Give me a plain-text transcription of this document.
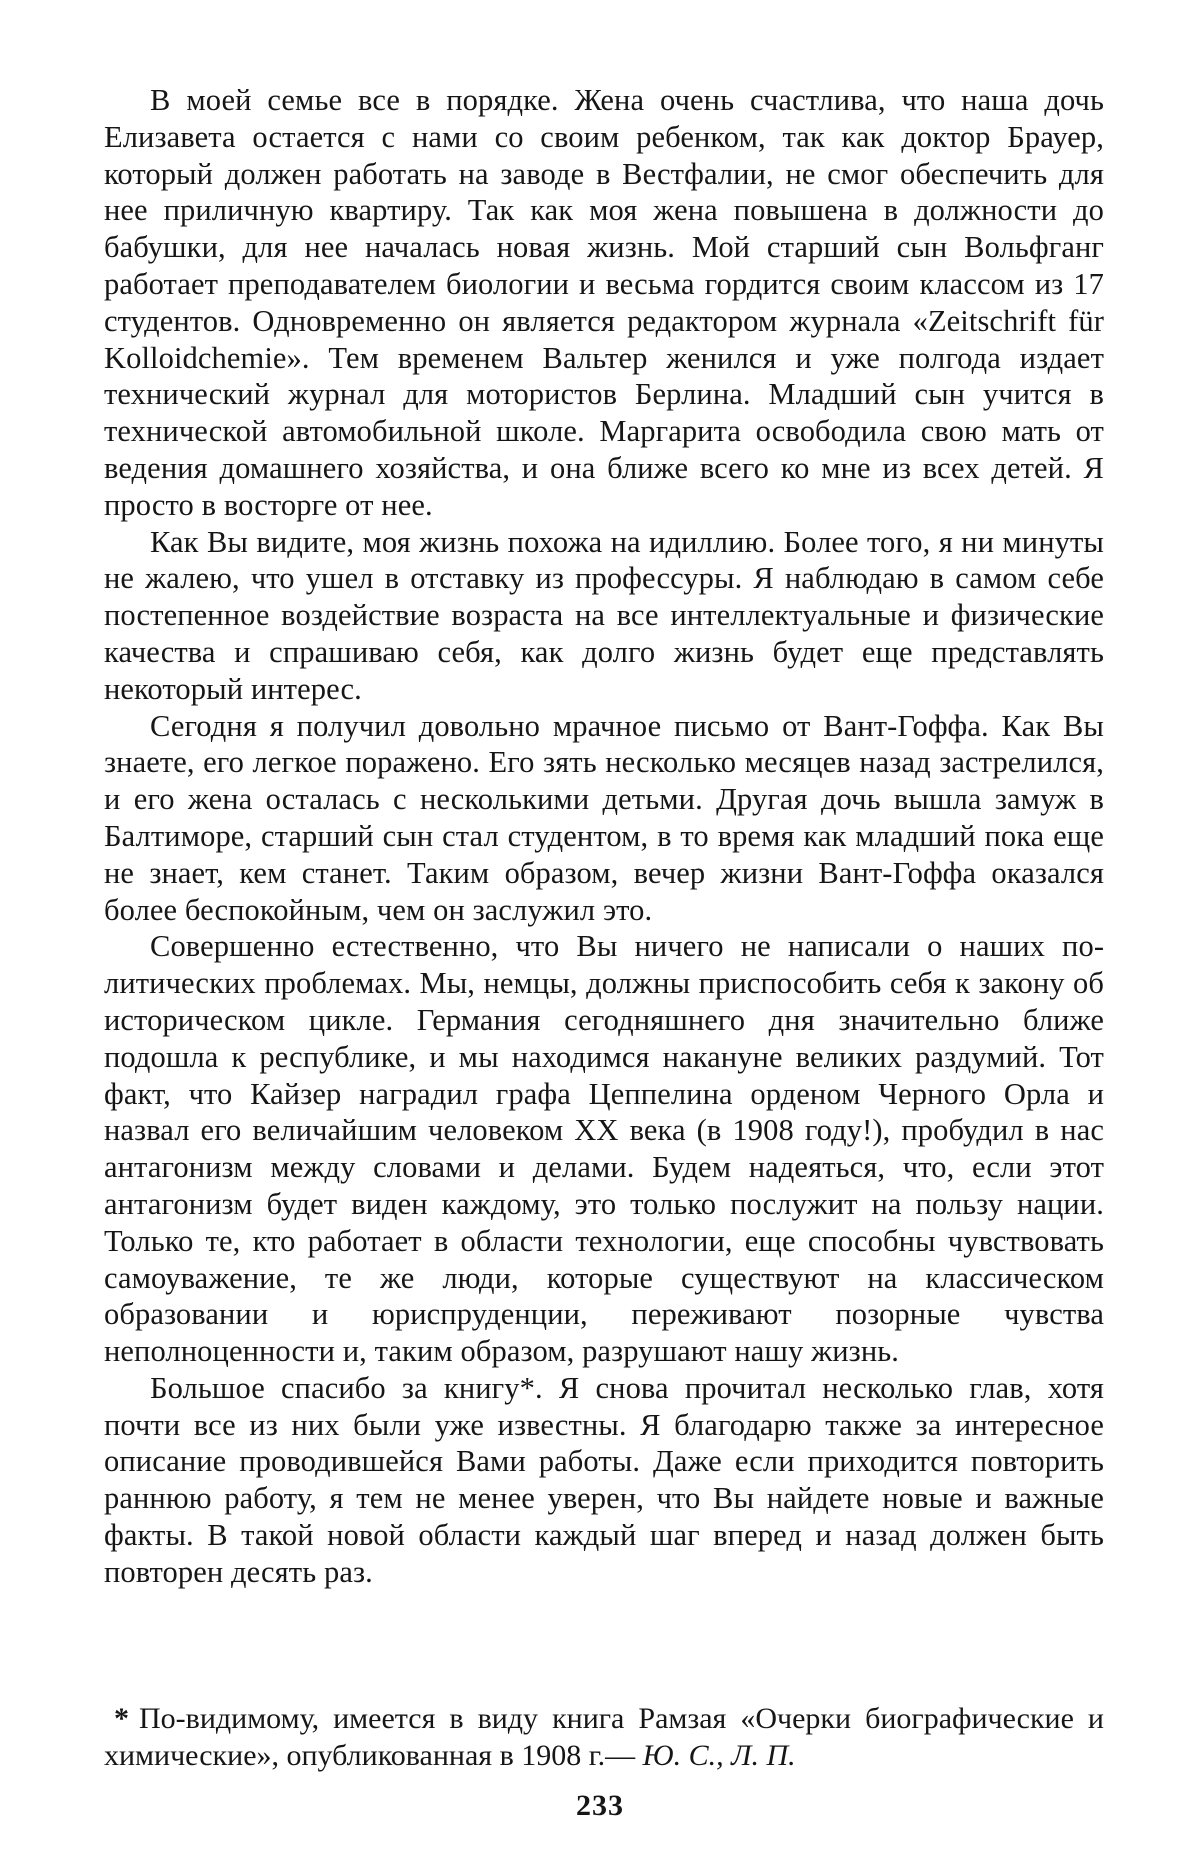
В моей семье все в порядке. Жена очень счастлива, что наша дочь Елизавета остается с нами со своим ребенком, так как доктор Брауер, который должен работать на заводе в Вестфалии, не смог обеспечить для нее приличную квартиру. Так как моя жена повышена в должности до бабушки, для нее началась новая жизнь. Мой старший сын Вольфганг работает преподавателем биологии и весьма гордится своим классом из 17 студентов. Одновременно он является редактором журнала «Zeitschrift für Kolloidchemie». Тем временем Вальтер женился и уже полгода издает технический журнал для мотористов Берлина. Младший сын учится в технической автомобильной школе. Маргарита освободила свою мать от ведения домашнего хозяйства, и она ближе всего ко мне из всех детей. Я просто в восторге от нее.

Как Вы видите, моя жизнь похожа на идиллию. Более того, я ни минуты не жалею, что ушел в отставку из профессуры. Я наблюдаю в самом себе постепенное воздействие возраста на все интеллектуальные и физические качества и спрашиваю себя, как долго жизнь будет еще представлять некоторый интерес.

Сегодня я получил довольно мрачное письмо от Вант-Гоффа. Как Вы знаете, его легкое поражено. Его зять несколько месяцев назад застрелился, и его жена осталась с несколькими детьми. Другая дочь вышла замуж в Балтиморе, старший сын стал студентом, в то время как младший пока еще не знает, кем станет. Таким образом, вечер жизни Вант-Гоффа оказался более беспокойным, чем он заслужил это.

Совершенно естественно, что Вы ничего не написали о наших политических проблемах. Мы, немцы, должны приспособить себя к закону об историческом цикле. Германия сегодняшнего дня значительно ближе подошла к республике, и мы находимся накануне великих раздумий. Тот факт, что Кайзер наградил графа Цеппелина орденом Черного Орла и назвал его величайшим человеком XX века (в 1908 году!), пробудил в нас антагонизм между словами и делами. Будем надеяться, что, если этот антагонизм будет виден каждому, это только послужит на пользу нации. Только те, кто работает в области технологии, еще способны чувствовать самоуважение, те же люди, которые существуют на классическом образовании и юриспруденции, переживают позорные чувства неполноценности и, таким образом, разрушают нашу жизнь.

Большое спасибо за книгу*. Я снова прочитал несколько глав, хотя почти все из них были уже известны. Я благодарю также за интересное описание проводившейся Вами работы. Даже если приходится повторить раннюю работу, я тем не менее уверен, что Вы найдете новые и важные факты. В такой новой области каждый шаг вперед и назад должен быть повторен десять раз.

* По-видимому, имеется в виду книга Рамзая «Очерки биографические и химические», опубликованная в 1908 г.— Ю. С., Л. П.

233
